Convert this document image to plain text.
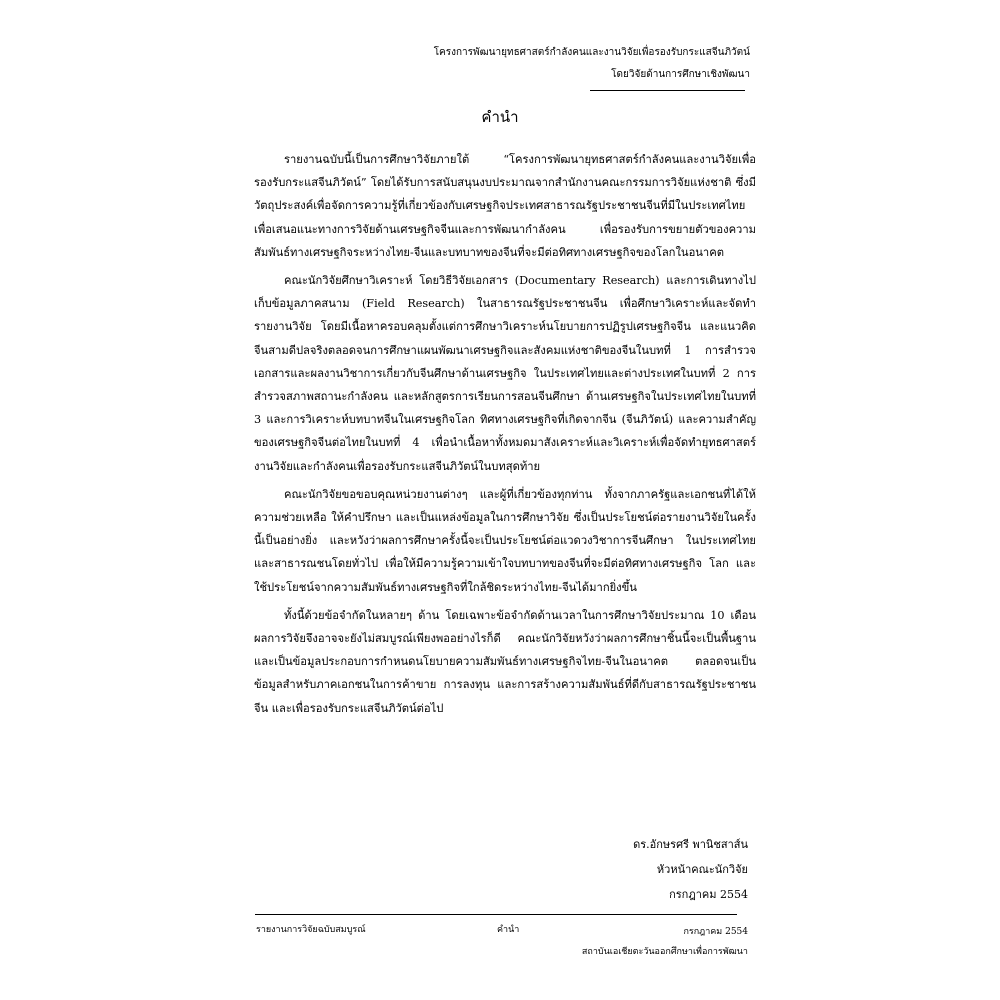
โครงการพัฒนายุทธศาสตร์กำลังคนและงานวิจัยเพื่อรองรับกระแสจีนภิวัตน์
โดยวิจัยด้านการศึกษาเชิงพัฒนา
คำนำ

รายงานฉบับนี้เป็นการศึกษาวิจัยภายใต้ “โครงการพัฒนายุทธศาสตร์กำลังคนและงานวิจัยเพื่อรองรับกระแสจีนภิวัตน์” โดยได้รับการสนับสนุนงบประมาณจากสำนักงานคณะกรรมการวิจัยแห่งชาติ ซึ่งมีวัตถุประสงค์เพื่อจัดการความรู้ที่เกี่ยวข้องกับเศรษฐกิจประเทศสาธารณรัฐประชาชนจีนที่มีในประเทศไทย เพื่อเสนอแนะทางการวิจัยด้านเศรษฐกิจจีนและการพัฒนากำลังคน เพื่อรองรับการขยายตัวของความสัมพันธ์ทางเศรษฐกิจระหว่างไทย-จีนและบทบาทของจีนที่จะมีต่อทิศทางเศรษฐกิจของโลกในอนาคต

คณะนักวิจัยศึกษาวิเคราะห์ โดยวิธีวิจัยเอกสาร (Documentary Research) และการเดินทางไปเก็บข้อมูลภาคสนาม (Field Research) ในสาธารณรัฐประชาชนจีน เพื่อศึกษาวิเคราะห์และจัดทำรายงานวิจัย โดยมีเนื้อหาครอบคลุมตั้งแต่การศึกษาวิเคราะห์นโยบายการปฏิรูปเศรษฐกิจจีน และแนวคิดจีนสามดีปลจริงตลอดจนการศึกษาแผนพัฒนาเศรษฐกิจและสังคมแห่งชาติของจีนในบทที่ 1 การสำรวจเอกสารและผลงานวิชาการเกี่ยวกับจีนศึกษาด้านเศรษฐกิจ ในประเทศไทยและต่างประเทศในบทที่ 2 การสำรวจสภาพสถานะกำลังคน และหลักสูตรการเรียนการสอนจีนศึกษา ด้านเศรษฐกิจในประเทศไทยในบทที่ 3 และการวิเคราะห์บทบาทจีนในเศรษฐกิจโลก ทิศทางเศรษฐกิจที่เกิดจากจีน (จีนภิวัตน์) และความสำคัญของเศรษฐกิจจีนต่อไทยในบทที่ 4 เพื่อนำเนื้อหาทั้งหมดมาสังเคราะห์และวิเคราะห์เพื่อจัดทำยุทธศาสตร์งานวิจัยและกำลังคนเพื่อรองรับกระแสจีนภิวัตน์ในบทสุดท้าย

คณะนักวิจัยขอขอบคุณหน่วยงานต่างๆ และผู้ที่เกี่ยวข้องทุกท่าน ทั้งจากภาครัฐและเอกชนที่ได้ให้ความช่วยเหลือ ให้คำปรึกษา และเป็นแหล่งข้อมูลในการศึกษาวิจัย ซึ่งเป็นประโยชน์ต่อรายงานวิจัยในครั้งนี้เป็นอย่างยิ่ง และหวังว่าผลการศึกษาครั้งนี้จะเป็นประโยชน์ต่อแวดวงวิชาการจีนศึกษา ในประเทศไทยและสาธารณชนโดยทั่วไป เพื่อให้มีความรู้ความเข้าใจบทบาทของจีนที่จะมีต่อทิศทางเศรษฐกิจ โลก และใช้ประโยชน์จากความสัมพันธ์ทางเศรษฐกิจที่ใกล้ชิดระหว่างไทย-จีนได้มากยิ่งขึ้น

ทั้งนี้ด้วยข้อจำกัดในหลายๆ ด้าน โดยเฉพาะข้อจำกัดด้านเวลาในการศึกษาวิจัยประมาณ 10 เดือน ผลการวิจัยจึงอาจจะยังไม่สมบูรณ์เพียงพออย่างไรก็ดี คณะนักวิจัยหวังว่าผลการศึกษาชิ้นนี้จะเป็นพื้นฐานและเป็นข้อมูลประกอบการกำหนดนโยบายความสัมพันธ์ทางเศรษฐกิจไทย-จีนในอนาคต ตลอดจนเป็นข้อมูลสำหรับภาคเอกชนในการค้าขาย การลงทุน และการสร้างความสัมพันธ์ที่ดีกับสาธารณรัฐประชาชนจีน และเพื่อรองรับกระแสจีนภิวัตน์ต่อไป

ดร.อักษรศรี พานิชสาส์น
หัวหน้าคณะนักวิจัย
กรกฎาคม 2554
รายงานการวิจัยฉบับสมบูรณ์	คำนำ	กรกฎาคม 2554
สถาบันเอเชียตะวันออกศึกษาเพื่อการพัฒนา
